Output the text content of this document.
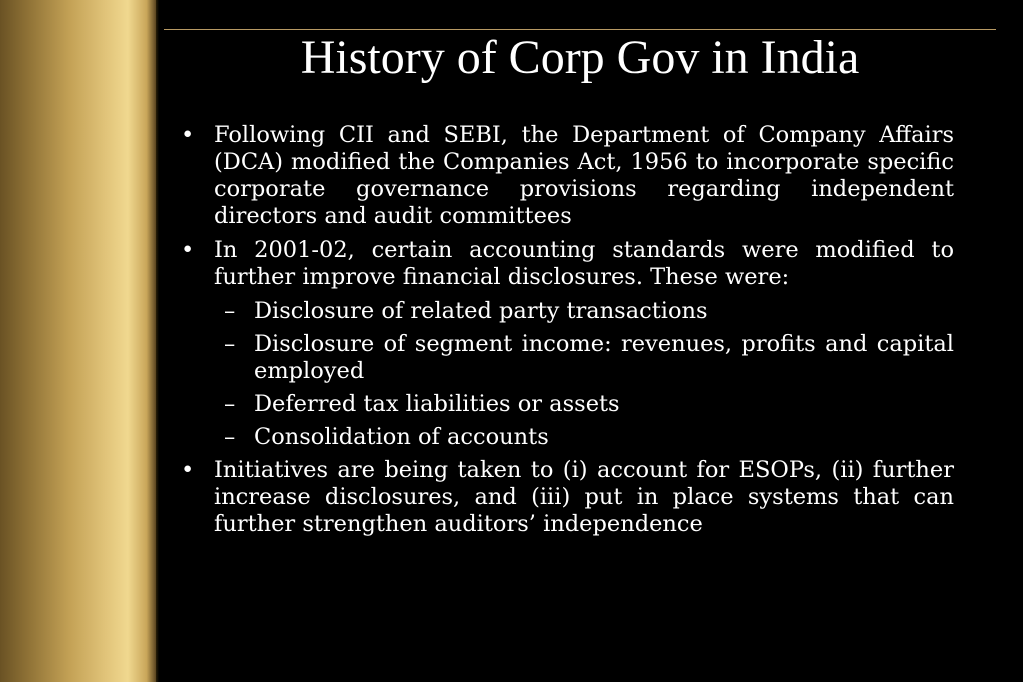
History of Corp Gov in India
• Following CII and SEBI, the Department of Company Affairs (DCA) modified the Companies Act, 1956 to incorporate specific corporate governance provisions regarding independent directors and audit committees
• In 2001-02, certain accounting standards were modified to further improve financial disclosures. These were:
– Disclosure of related party transactions
– Disclosure of segment income: revenues, profits and capital employed
– Deferred tax liabilities or assets
– Consolidation of accounts
• Initiatives are being taken to (i) account for ESOPs, (ii) further increase disclosures, and (iii) put in place systems that can further strengthen auditors’ independence
